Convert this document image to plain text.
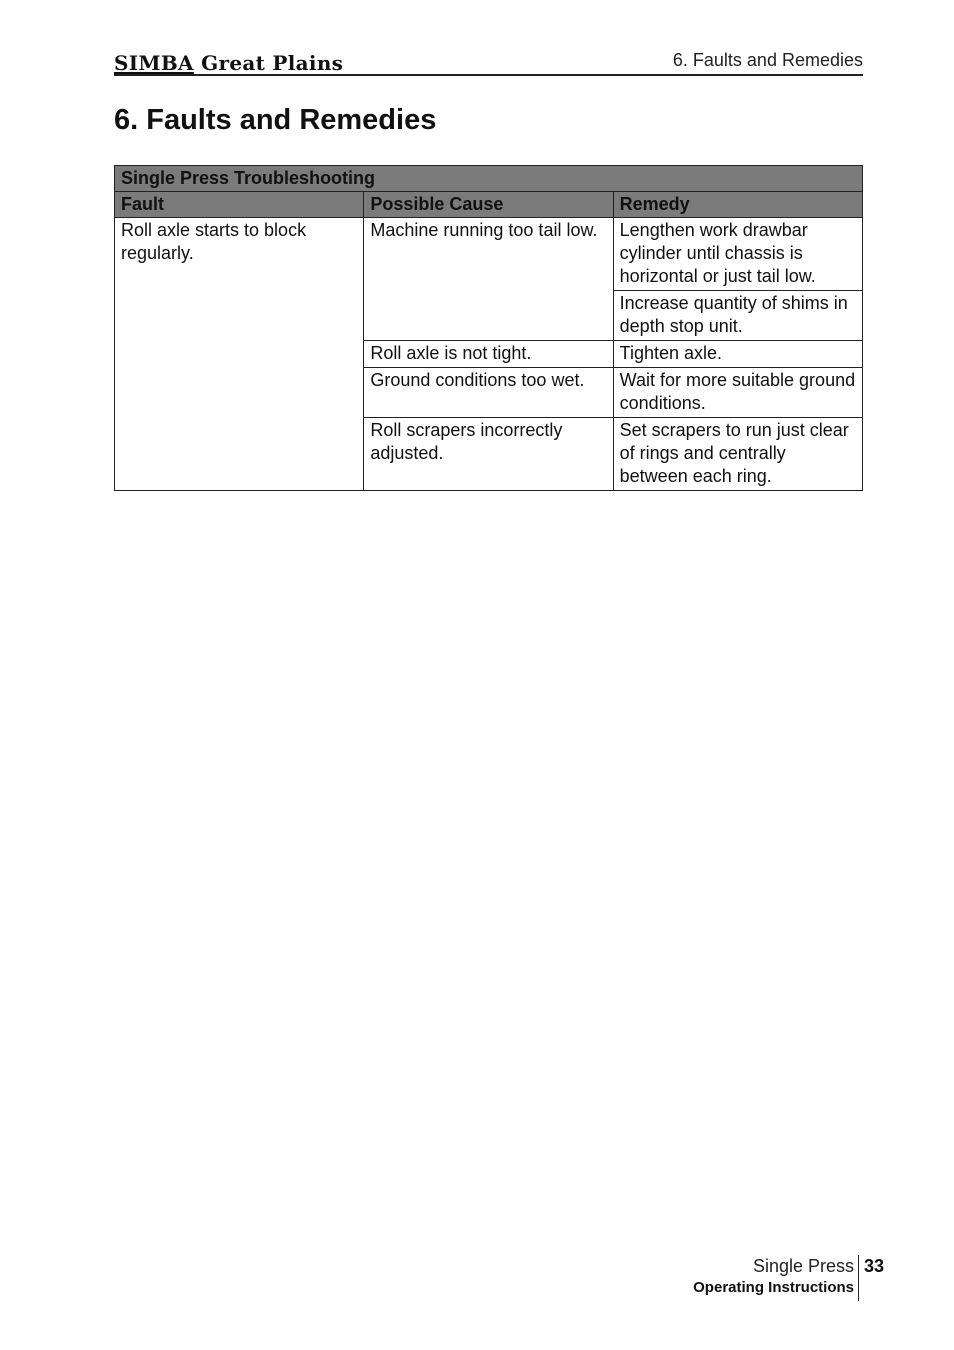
SIMBA Great Plains	6. Faults and Remedies
6. Faults and Remedies
Single Press Troubleshooting		
Fault	Possible Cause	Remedy
Roll axle starts to block regularly.	Machine running too tail low.	Lengthen work drawbar cylinder until chassis is horizontal or just tail low.
		Increase quantity of shims in depth stop unit.
	Roll axle is not tight.	Tighten axle.
	Ground conditions too wet.	Wait for more suitable ground conditions.
	Roll scrapers incorrectly adjusted.	Set scrapers to run just clear of rings and centrally between each ring.
Single Press
Operating Instructions
33
